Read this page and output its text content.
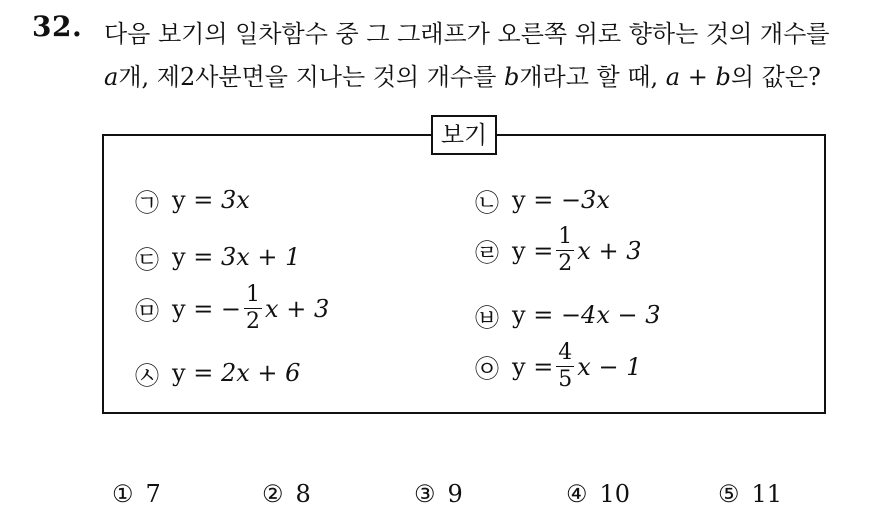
32. 다음 보기의 일차함수 중 그 그래프가 오른쪽 위로 향하는 것의 개수를
a개, 제2사분면을 지나는 것의 개수를 b개라고 할 때, a + b의 값은?
보기
㉠ y =
3x
㉢ y =
3x + 1
㉤ y = − $\frac{1}{2}$ x + 3
㉦ y =
2x + 6
㉡ y =
−3x
㉣ $y = \frac{1}{2}$ x + 3
㉥ y =
−4x − 3
㉧ $y = \frac{4}{5}$ x − 1
① 7	② 8	③ 9	④ 10	⑤ 11
